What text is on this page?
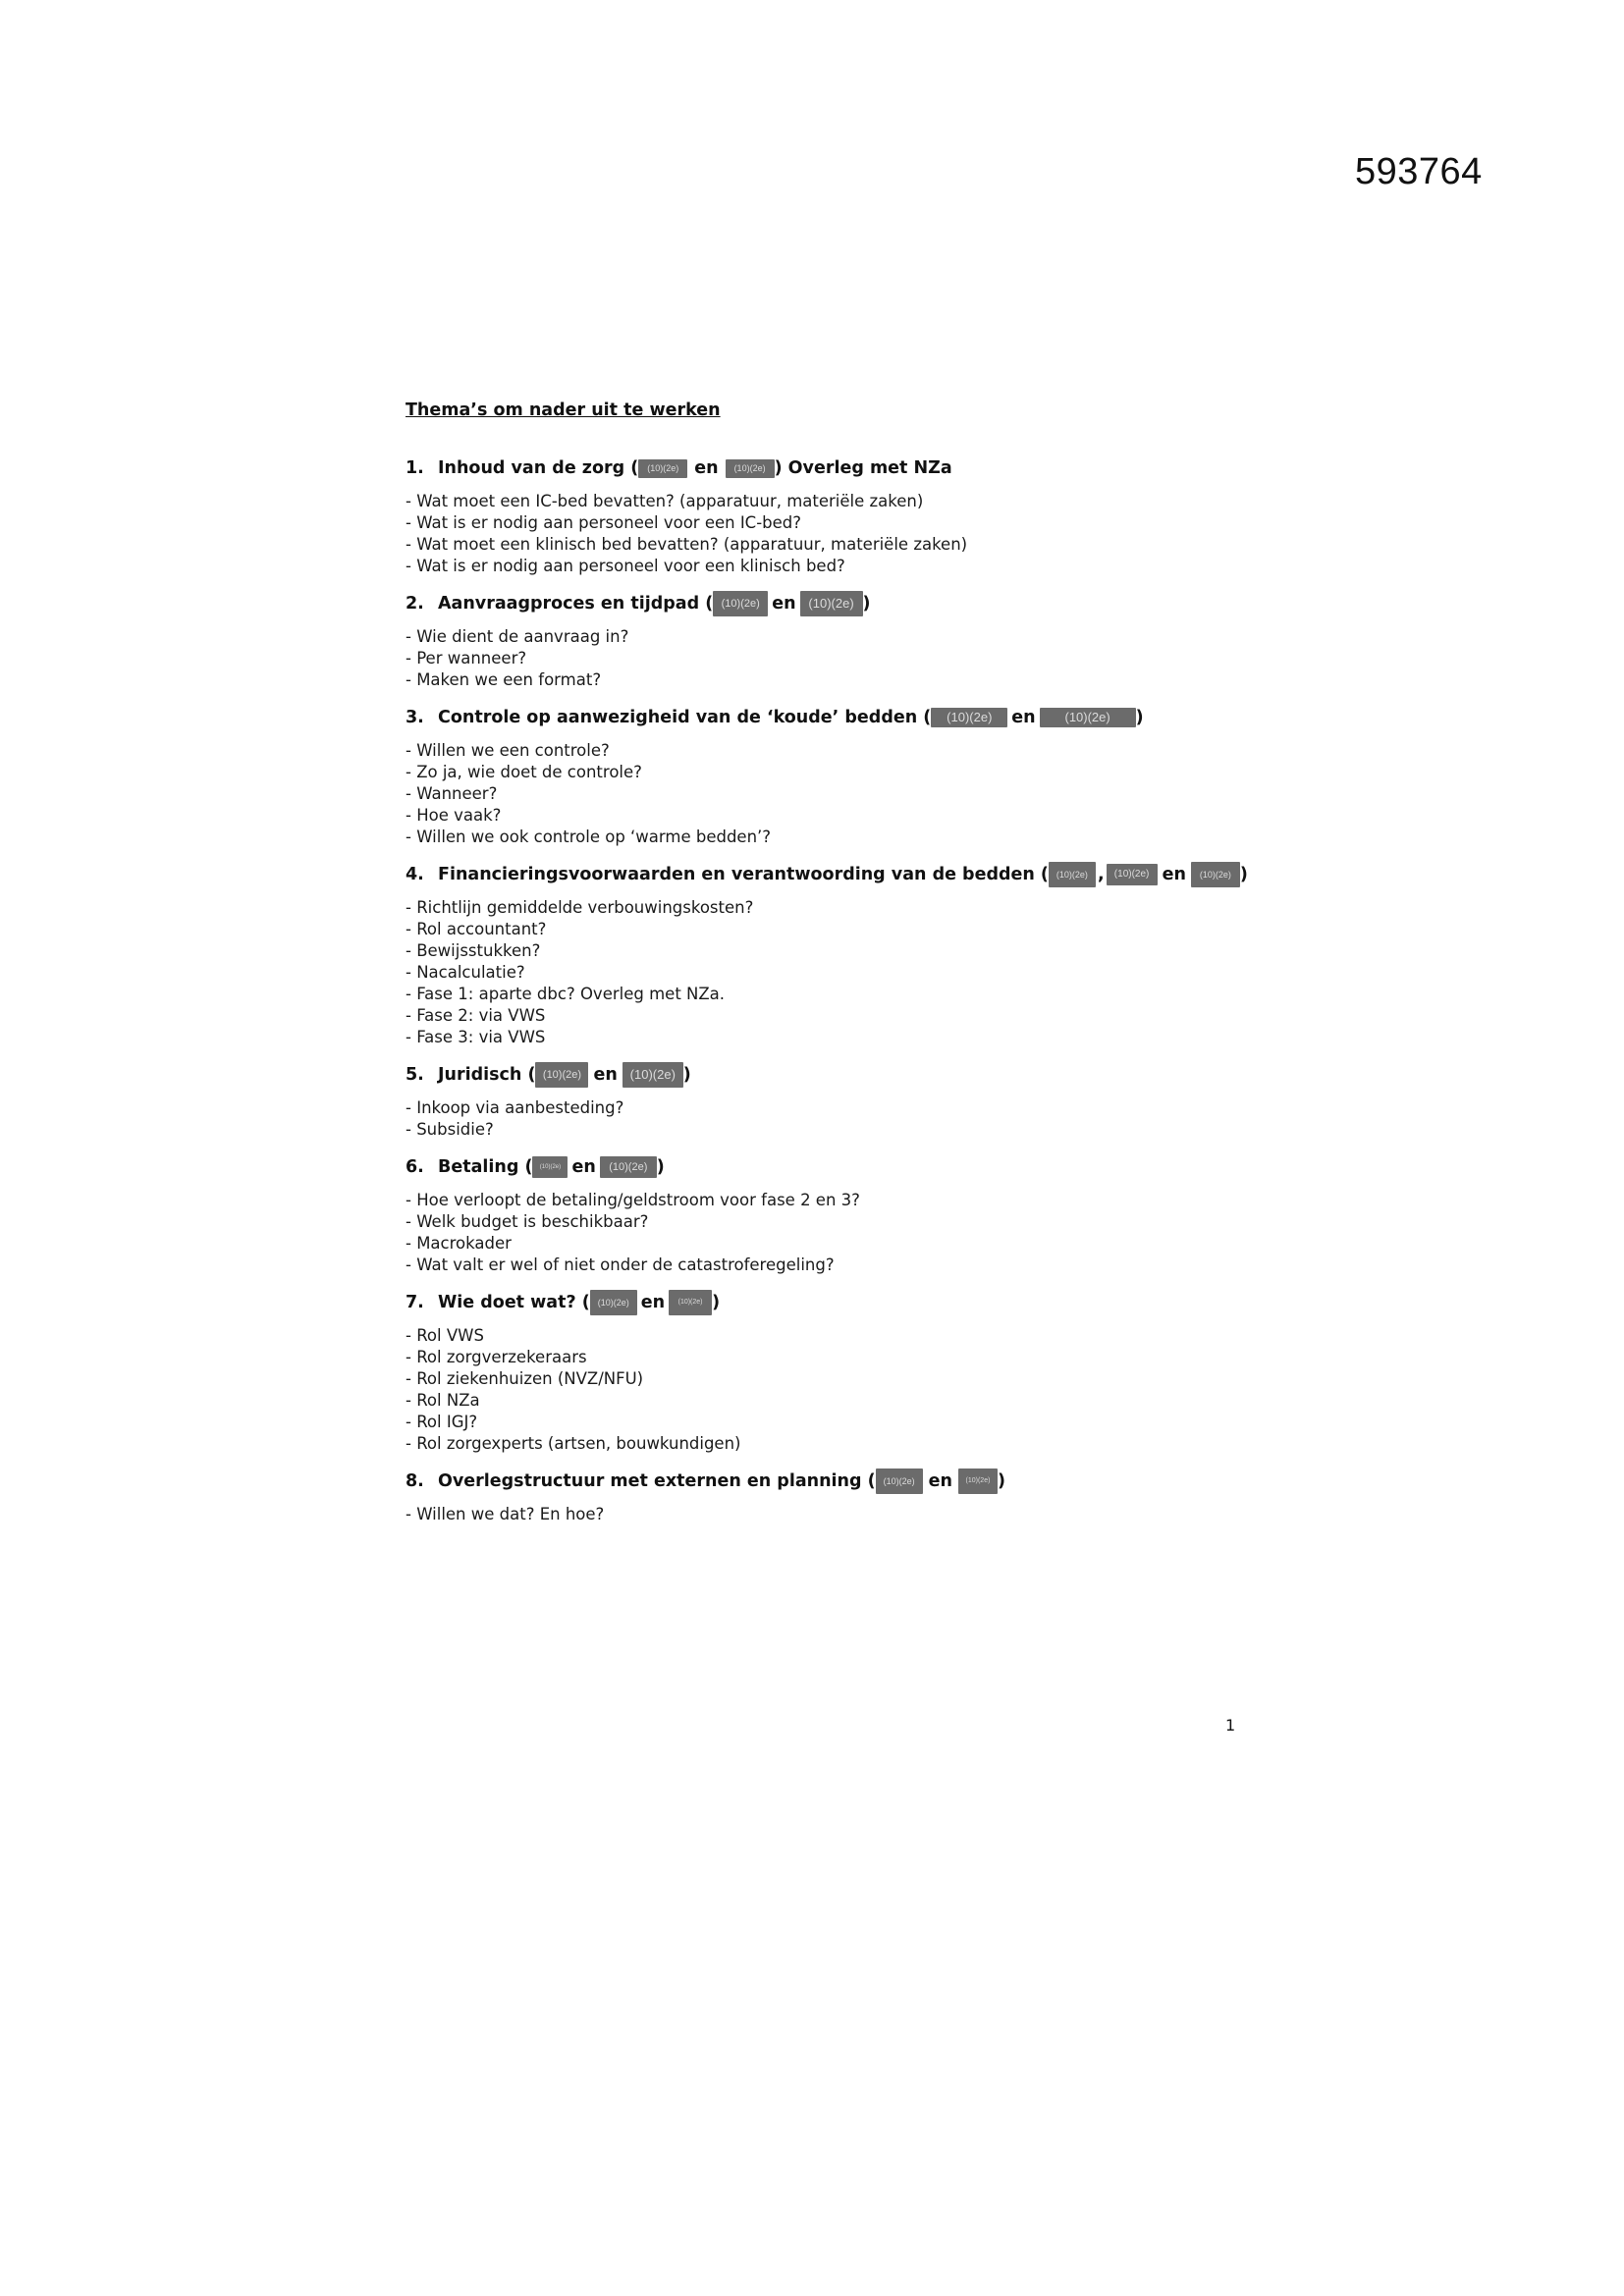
593764
Thema’s om nader uit te werken
1. Inhoud van de zorg ( (10)(2e) en	(10)(2e) ) Overleg met NZa
- Wat moet een IC-bed bevatten? (apparatuur, materiële zaken)
- Wat is er nodig aan personeel voor een IC-bed?
- Wat moet een klinisch bed bevatten? (apparatuur, materiële zaken)
- Wat is er nodig aan personeel voor een klinisch bed?
2. Aanvraagproces en tijdpad ( (10)(2e) en (10)(2e) )
- Wie dient de aanvraag in?
- Per wanneer?
- Maken we een format?
3. Controle op aanwezigheid van de ‘koude’ bedden (	(10)(2e)	en	(10)(2e)	)
- Willen we een controle?
- Zo ja, wie doet de controle?
- Wanneer?
- Hoe vaak?
- Willen we ook controle op ‘warme bedden’?
4. Financieringsvoorwaarden en verantwoording van de bedden ( (10)(2e) ,	(10)(2e) en	(10)(2e) )
- Richtlijn gemiddelde verbouwingskosten?
- Rol accountant?
- Bewijsstukken?
- Nacalculatie?
- Fase 1: aparte dbc? Overleg met NZa.
- Fase 2: via VWS
- Fase 3: via VWS
5. Juridisch ( (10)(2e) en (10)(2e) )
- Inkoop via aanbesteding?
- Subsidie?
6. Betaling (	(10)(2e) en	(10)(2e) )
- Hoe verloopt de betaling/geldstroom voor fase 2 en 3?
- Welk budget is beschikbaar?
- Macrokader
- Wat valt er wel of niet onder de catastroferegeling?
7. Wie doet wat? ( (10)(2e) en	(10)(2e) )
- Rol VWS
- Rol zorgverzekeraars
- Rol ziekenhuizen (NVZ/NFU)
- Rol NZa
- Rol IGJ?
- Rol zorgexperts (artsen, bouwkundigen)
8. Overlegstructuur met externen en planning ( (10)(2e) en	(10)(2e) )
- Willen we dat? En hoe?
1
